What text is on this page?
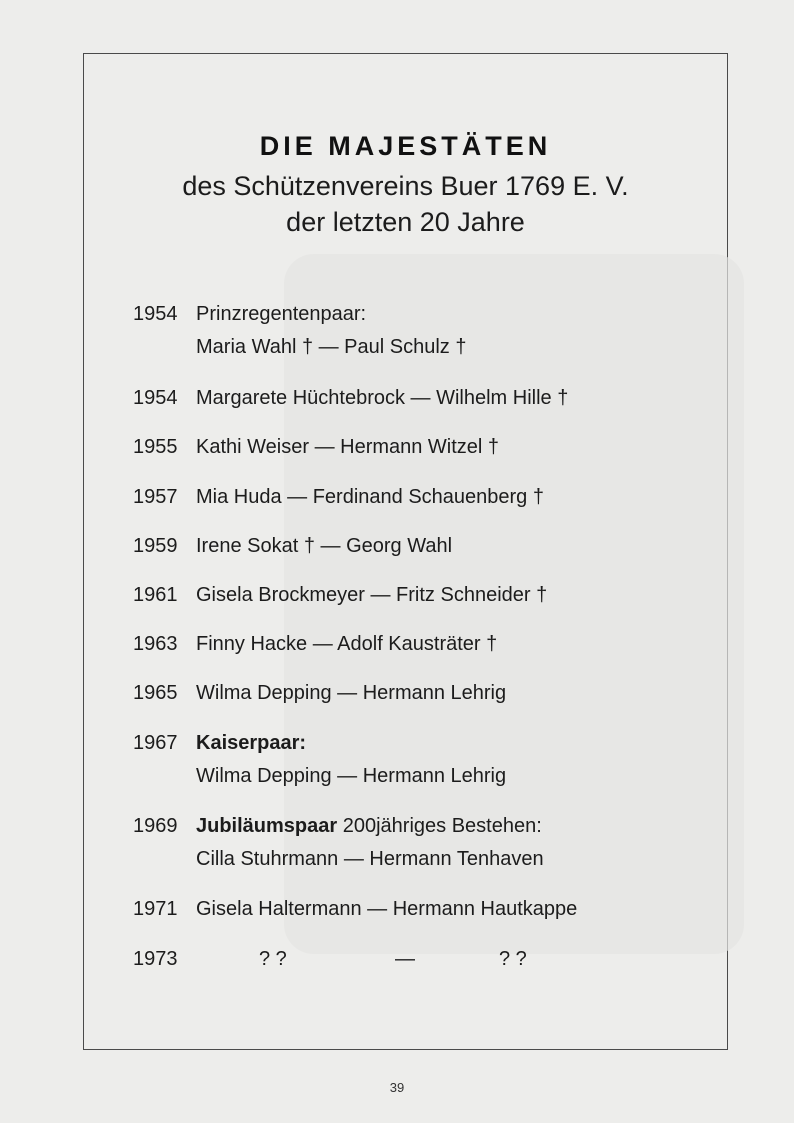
DIE MAJESTÄTEN
des Schützenvereins Buer 1769 E. V.
der letzten 20 Jahre
1954 Prinzregentenpaar:
Maria Wahl † — Paul Schulz †
1954 Margarete Hüchtebrock — Wilhelm Hille †
1955 Kathi Weiser — Hermann Witzel †
1957 Mia Huda — Ferdinand Schauenberg †
1959 Irene Sokat † — Georg Wahl
1961 Gisela Brockmeyer — Fritz Schneider †
1963 Finny Hacke — Adolf Kausträter †
1965 Wilma Depping — Hermann Lehrig
1967 Kaiserpaar:
Wilma Depping — Hermann Lehrig
1969 Jubiläumspaar 200jähriges Bestehen:
Cilla Stuhrmann — Hermann Tenhaven
1971 Gisela Haltermann — Hermann Hautkappe
1973	? ?	—	? ?
39
